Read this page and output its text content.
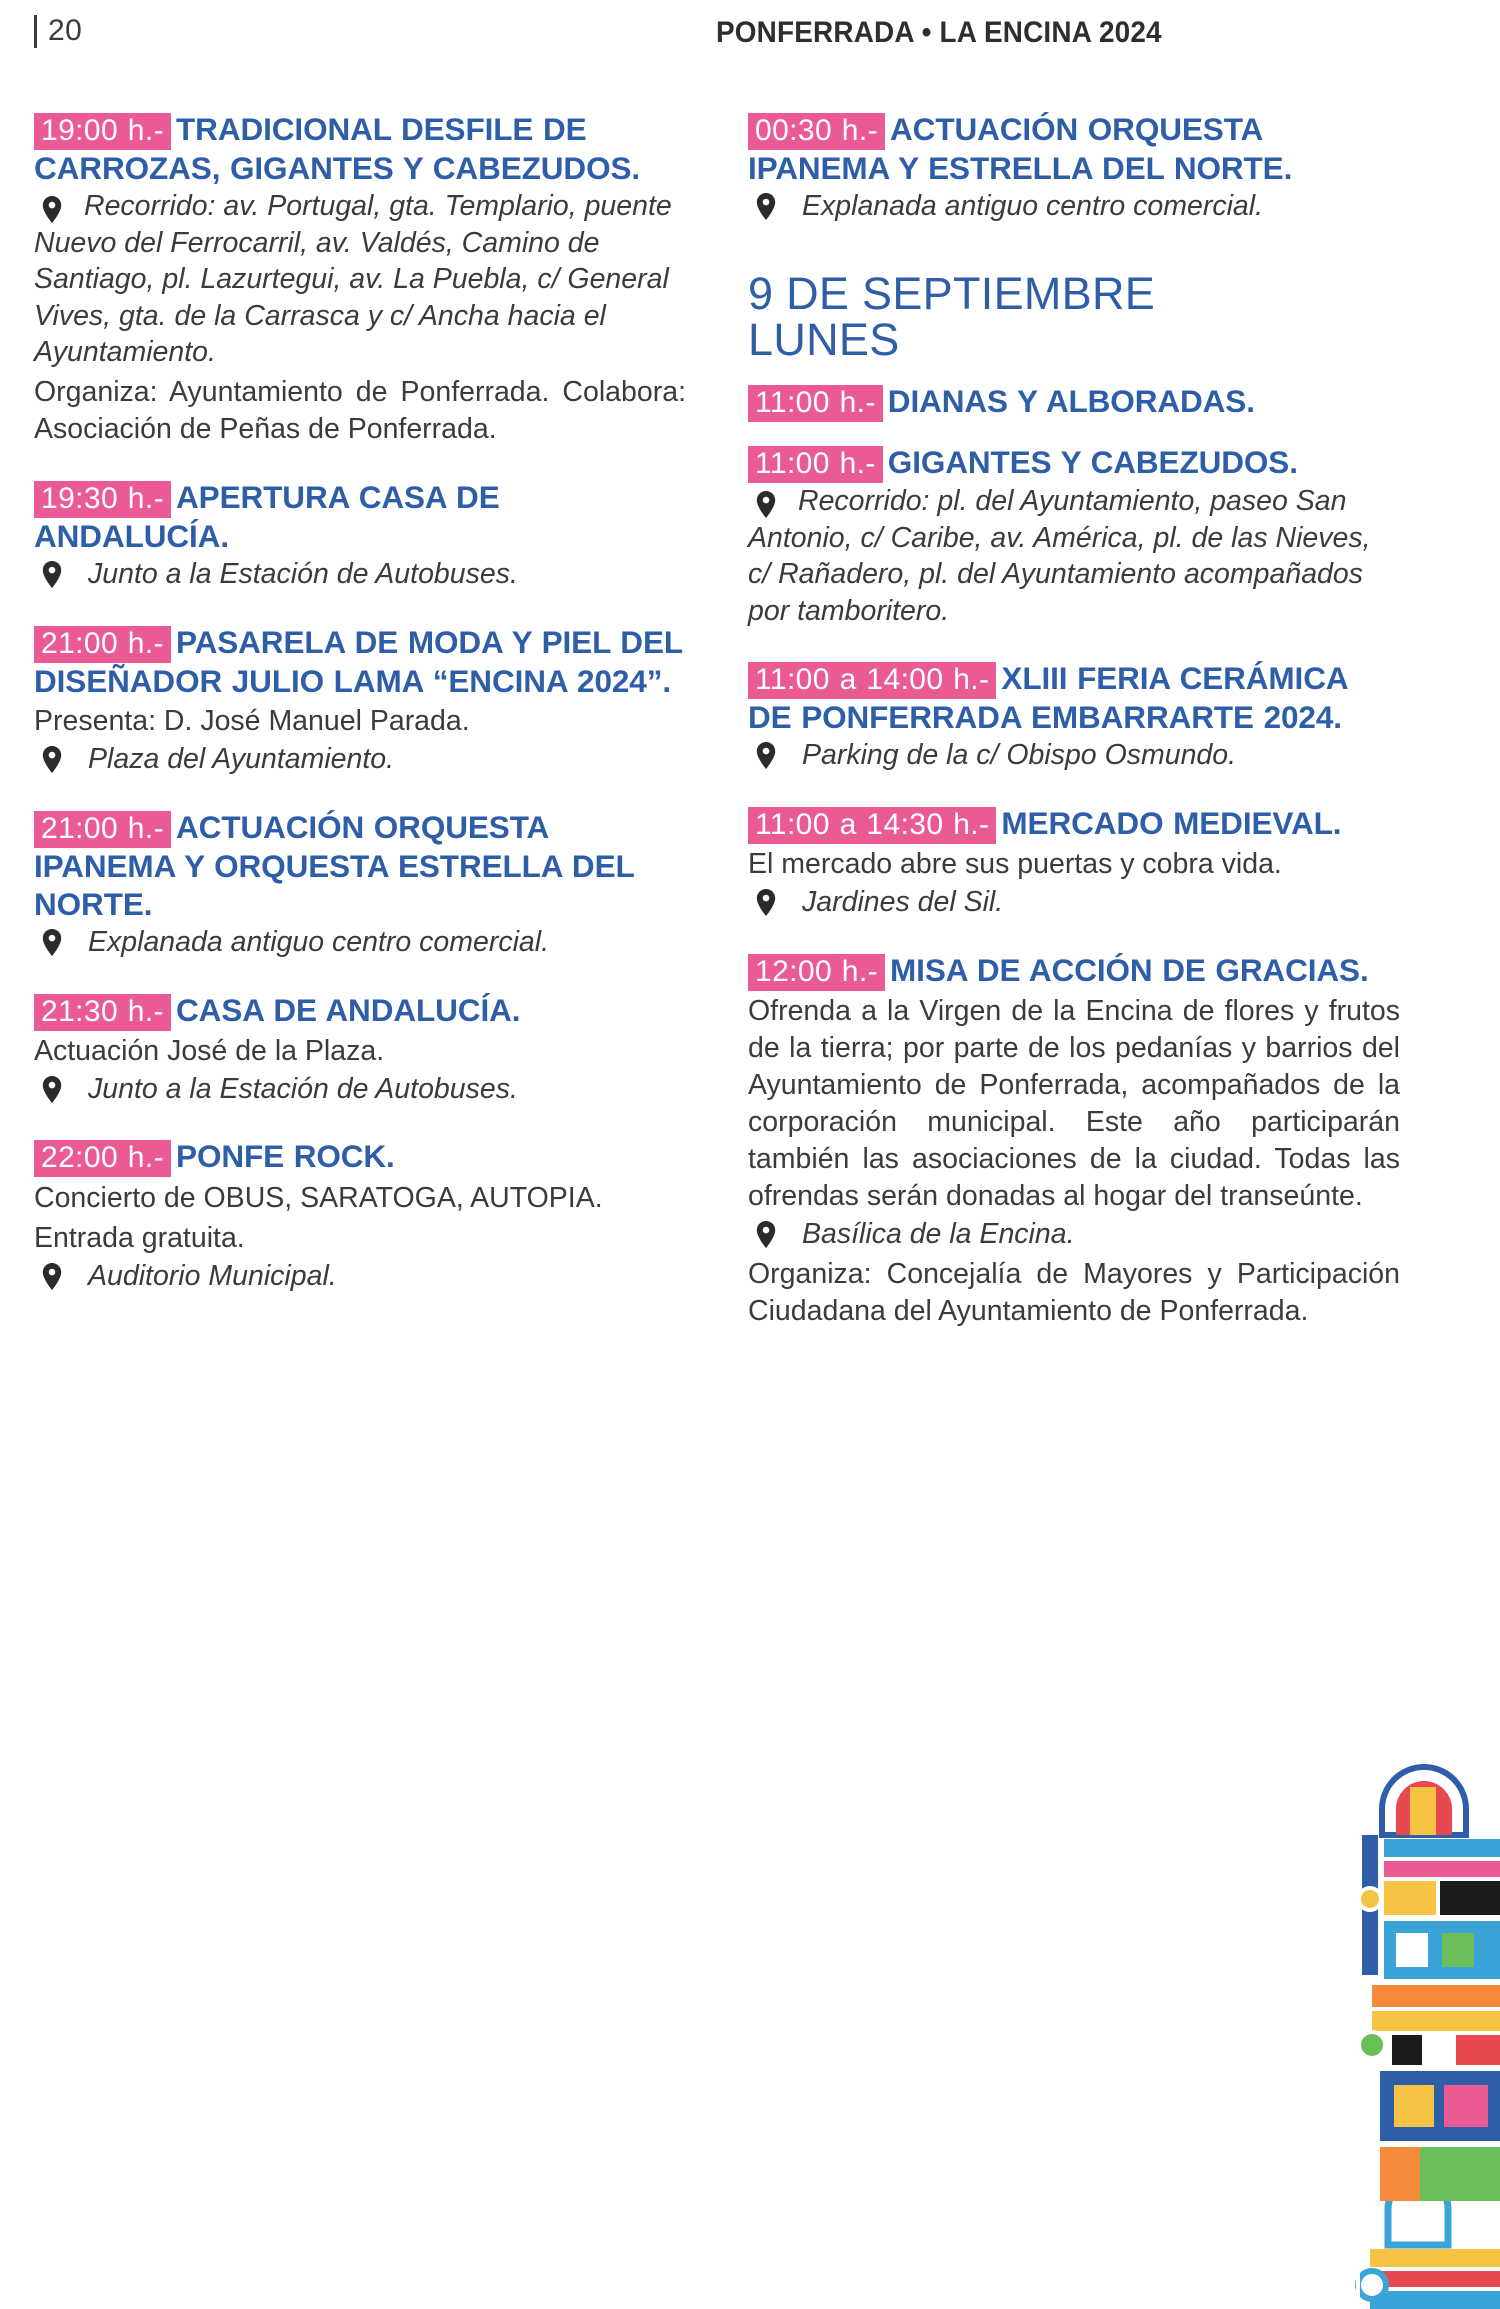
20	PONFERRADA • LA ENCINA 2024
19:00 h.- TRADICIONAL DESFILE DE CARROZAS, GIGANTES Y CABEZUDOS.
Recorrido: av. Portugal, gta. Templario, puente Nuevo del Ferrocarril, av. Valdés, Camino de Santiago, pl. Lazurtegui, av. La Puebla, c/ General Vives, gta. de la Carrasca y c/ Ancha hacia el Ayuntamiento.
Organiza: Ayuntamiento de Ponferrada. Colabora: Asociación de Peñas de Ponferrada.
19:30 h.- APERTURA CASA DE ANDALUCÍA.
Junto a la Estación de Autobuses.
21:00 h.- PASARELA DE MODA Y PIEL DEL DISEÑADOR JULIO LAMA “ENCINA 2024”.
Presenta: D. José Manuel Parada.
Plaza del Ayuntamiento.
21:00 h.- ACTUACIÓN ORQUESTA IPANEMA Y ORQUESTA ESTRELLA DEL NORTE.
Explanada antiguo centro comercial.
21:30 h.- CASA DE ANDALUCÍA.
Actuación José de la Plaza.
Junto a la Estación de Autobuses.
22:00 h.- PONFE ROCK.
Concierto de OBUS, SARATOGA, AUTOPIA.
Entrada gratuita.
Auditorio Municipal.
00:30 h.- ACTUACIÓN ORQUESTA IPANEMA Y ESTRELLA DEL NORTE.
Explanada antiguo centro comercial.
9 DE SEPTIEMBRE
LUNES
11:00 h.- DIANAS Y ALBORADAS.
11:00 h.- GIGANTES Y CABEZUDOS.
Recorrido: pl. del Ayuntamiento, paseo San Antonio, c/ Caribe, av. América, pl. de las Nieves, c/ Rañadero, pl. del Ayuntamiento acompañados por tamboritero.
11:00 a 14:00 h.- XLIII FERIA CERÁMICA DE PONFERRADA EMBARRARTE 2024.
Parking de la c/ Obispo Osmundo.
11:00 a 14:30 h.- MERCADO MEDIEVAL.
El mercado abre sus puertas y cobra vida.
Jardines del Sil.
12:00 h.- MISA DE ACCIÓN DE GRACIAS.
Ofrenda a la Virgen de la Encina de flores y frutos de la tierra; por parte de los pedanías y barrios del Ayuntamiento de Ponferrada, acompañados de la corporación municipal. Este año participarán también las asociaciones de la ciudad. Todas las ofrendas serán donadas al hogar del transeúnte.
Basílica de la Encina.
Organiza: Concejalía de Mayores y Participación Ciudadana del Ayuntamiento de Ponferrada.
